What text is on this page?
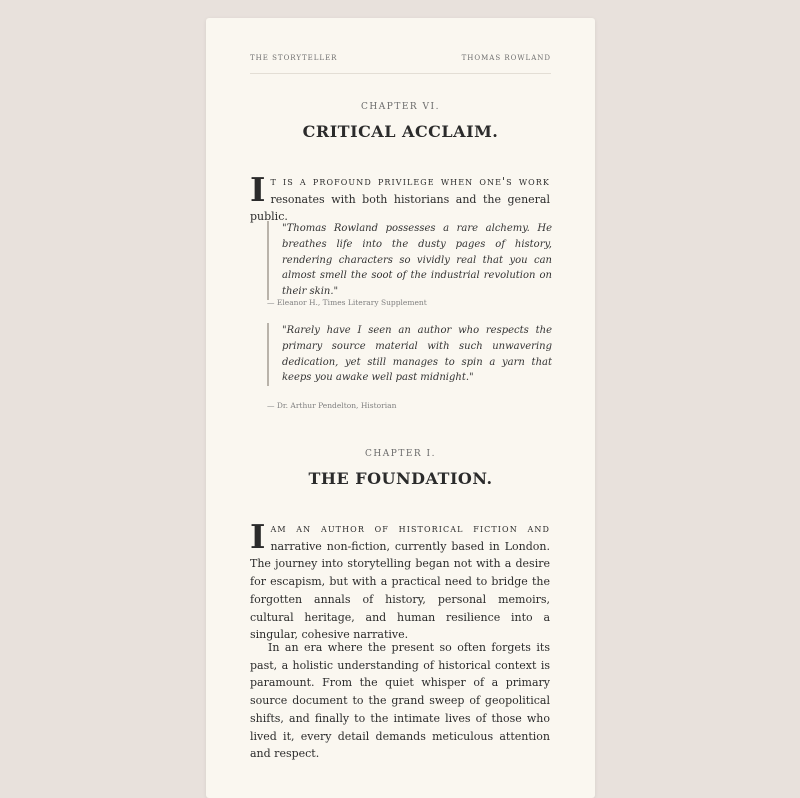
THE STORYTELLER	THOMAS ROWLAND
CHAPTER VI.
CRITICAL ACCLAIM.
I t is a profound privilege when one's work resonates with both historians and the general public.
"Thomas Rowland possesses a rare alchemy. He breathes life into the dusty pages of history, rendering characters so vividly real that you can almost smell the soot of the industrial revolution on their skin."
— Eleanor H., Times Literary Supplement
"Rarely have I seen an author who respects the primary source material with such unwavering dedication, yet still manages to spin a yarn that keeps you awake well past midnight."
— Dr. Arthur Pendelton, Historian
CHAPTER I.
THE FOUNDATION.
I am an author of historical fiction and narrative non-fiction, currently based in London. The journey into storytelling began not with a desire for escapism, but with a practical need to bridge the forgotten annals of history, personal memoirs, cultural heritage, and human resilience into a singular, cohesive narrative.
In an era where the present so often forgets its past, a holistic understanding of historical context is paramount. From the quiet whisper of a primary source document to the grand sweep of geopolitical shifts, and finally to the intimate lives of those who lived it, every detail demands meticulous attention and respect.
